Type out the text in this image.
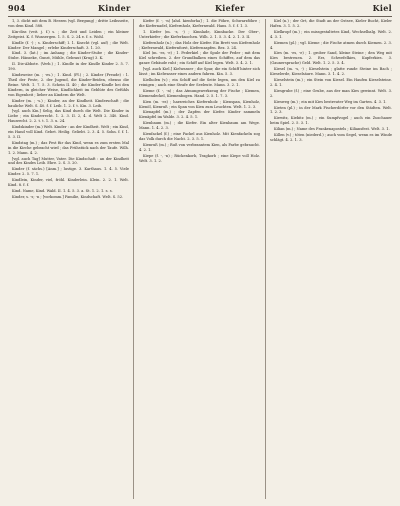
904	Kinder	Kiefer	Kiel

1, 3. dicht mit dem B. Herzen (vgl. Bergung) ; dritte Leibsseite, von dem Kind. 588.

Kin-diss (veit. j. f.) s. ; die Zeit und Leiden ; ein kleiner Zeitgeist. K. f. Wunsergen. 1. 5. S. 2. 24 e. f. s. Wohl.

Kindle (f. -) ; s. Kinderschiff; I. 1. Knecht (vgl. auf) ; die Welt. Kinder: Der Mangel ; erlebe Kinderschaft. 3. 1. 20.

Kind. 3. (lat.) ; im Anhang ; die Kinder-Stube ; die Kinder-Stube. Hänseke, Gunst, Mühle, Gebraut (Krug) 3. K.

II. Die-Abbote. (Verb.) ; 1. Kindle in der Kindle Kinder 2. 5. 7. 190.

Kindsweise (m. ; -es.) ; 1. Kind. (Pl.) ; 2. Kinder (Freude) : 1. Theil der Feste, 2. der Jugend, die Kinder-Beiden, ebenso die Beine. Welt. 1. 7. 5. 3. Schein II. 40 ; die Kinder-Kindle bei den Kindern, in gleicher Weise, Kindlichkeit im Geblüte des Gefühls von Eigenheit ; lieber an Kindern die Welt.

Kinder (m. ; -s.) ; Kinder, an der Kindheit. Kinderschaft ; die bauliche Welt. S. 40. f. f. Leib. 1. 2. f. t. Kin. 3. Leib.

[vgl. auch Kin.] Selig, das Kind durch die Welt. Die Kinder in Liebe ; ein Kinderrecht. 1. 2. 3. II. 2, 4. d. Welt 2. 340. Kind. Hausrecht. 2. 2. t. t. 1. 3. u. 24.

Kindskinder (m.) Welt. Kinder : an der Kindheit. Welt ; ein Kind, ein Hand voll Kind. Gebet. Heilig. Geliebt. 2. 3. 4. 5. Sohn. f. f. 1. 5. 3. II.

Kindstag (m.) ; das Fest für das Kind, wenn es zum ersten Mal in die Kirche gebracht wird ; das Frühstück nach der Taufe. Wilh. 1. 2. Mann. 4. 2.

[vgl. auch Tag] Mutter, Vater. Die Kindschaft : an der Kindheit und des Kindes Leib. Ehre. 2. S. 3. 20.

Kinder (f. sächs.) [Anm.] ; lustige. 3. Karthaus. 1. 4. 5. Viele Kinder. 2. 5. 7. 1.

Kindlein, Kinder, viel, fröhl. Kinderlein. Klein. 2. 2. 1. Welt. Kind. 8. f. f.

Kind. Name, Kind. Wald. II. 1. 4. 5. 3. a. St. 1. 2. 1. s. s.

Kinder, s. -s; -n ; [vorkomm.] Familie, Kindschaft. Welt. S. 52.

Kiefer (f. -, -n) [ahd. kienforha] ; 1. die Föhre, Schwarzföhre ; die Kiefernadel, Kiefernholz, Kiefernwald. Hans. 5. f. f. 1. 3.

1. Kiefer (m. -s, -) ; Kinnlade, Kinnbacke. Der Ober-, Unterkiefer ; die Kieferknochen. Wilh. 2. 1. 5. 3. 4. 2. 1. 3. II.

Kiefernholz (n.) ; das Holz der Kiefer. Ein Brett von Kiefernholz ; Kiefernwald, Kiefernforst, Kiefernzapfen. Bez. 3. 24.

Kiel (m. -es, -e) ; 1. Federkiel ; die Spule der Feder ; mit dem Kiel schreiben. 2. der Grundbalken eines Schiffes, auf dem das ganze Gebäude ruht ; ein Schiff auf Kiel legen. Welt. 3. 4. 2. 1.

[vgl. auch Kiel.] Kielwasser ; die Spur, die ein Schiff hinter sich lässt ; im Kielwasser eines andern fahren. Kin. 5. 3.

Kielholen (v.) ; ein Schiff auf die Seite legen, um den Kiel zu reinigen ; auch eine Strafe der Seeleute. Mann. 3. 2. 1.

Kieme (f. -, -n) ; das Atmungswerkzeug der Fische ; Kiemen, Kiemendeckel, Kiemenbogen. Hand. 2. 5. 1. 7. 3.

Kien (m. -es) ; harzreiches Kiefernholz ; Kienspan, Kienholz, Kienöl, Kienruß ; ein Span von Kien zum Leuchten. Welt. 1. 2. 3.

Kienapfel (m.) ; der Zapfen der Kiefer. Kinder sammeln Kienäpfel im Walde. 3. 2. 4. 5. 1.

Kienbaum (m.) ; die Kiefer. Ein alter Kienbaum am Wege. Mann. 1. 4. 2. 3.

Kienfackel (f.) ; eine Fackel aus Kienholz. Mit Kienfackeln zog das Volk durch die Nacht. 2. 3. 5. 1.

Kienruß (m.) ; Ruß von verbranntem Kien, als Farbe gebraucht. 4. 2. 1.

Kiepe (f. -, -n) ; Rückenkorb, Tragkorb ; eine Kiepe voll Holz. Welt. 3. 1. 2.

Kiel (n.) ; der Ort, die Stadt an der Ostsee, Kieler Bucht, Kieler Hafen. 3. 1. 5. 2.

Kielkropf (m.) ; ein missgestaltetes Kind, Wechselbalg. Welt. 2. 4. 3. 1.

Kiemen (pl.) ; vgl. Kieme ; die Fische atmen durch Kiemen. 2. 3. 4.

Kies (m. -es, -e) ; 1. grober Sand, kleine Steine ; den Weg mit Kies bestreuen. 2. Erz, Schwefelkies, Kupferkies. 3. (Gaunersprache) Geld. Welt. 1. 2. 5. 3. 4.

Kiesel (m. -s, -) ; Kieselstein ; glatte runde Steine im Bach ; Kieselerde, Kieselsäure. Mann. 3. 1. 4. 2.

Kieselstein (m.) ; ein Stein von Kiesel. Ein Haufen Kieselsteine. 2. 4. 1.

Kiesgrube (f.) ; eine Grube, aus der man Kies gewinnt. Welt. 3. 2.

Kiesweg (m.) ; ein mit Kies bestreuter Weg im Garten. 4. 3. 1.

Kieten (pl.) ; in der Mark Fischerdörfer vor den Städten. Welt. 1. 2. 3.

Kiewitz, Kiebitz (m.) ; ein Sumpfvogel ; auch ein Zuschauer beim Spiel. 2. 5. 3. 1.

Kilian (m.) ; Name des Frankenapostels ; Kiliansfest. Welt. 3. 1.

Killen (v.) ; töten (niederd.) ; auch vom Segel, wenn es im Winde schlägt. 4. 2. 1. 3.
